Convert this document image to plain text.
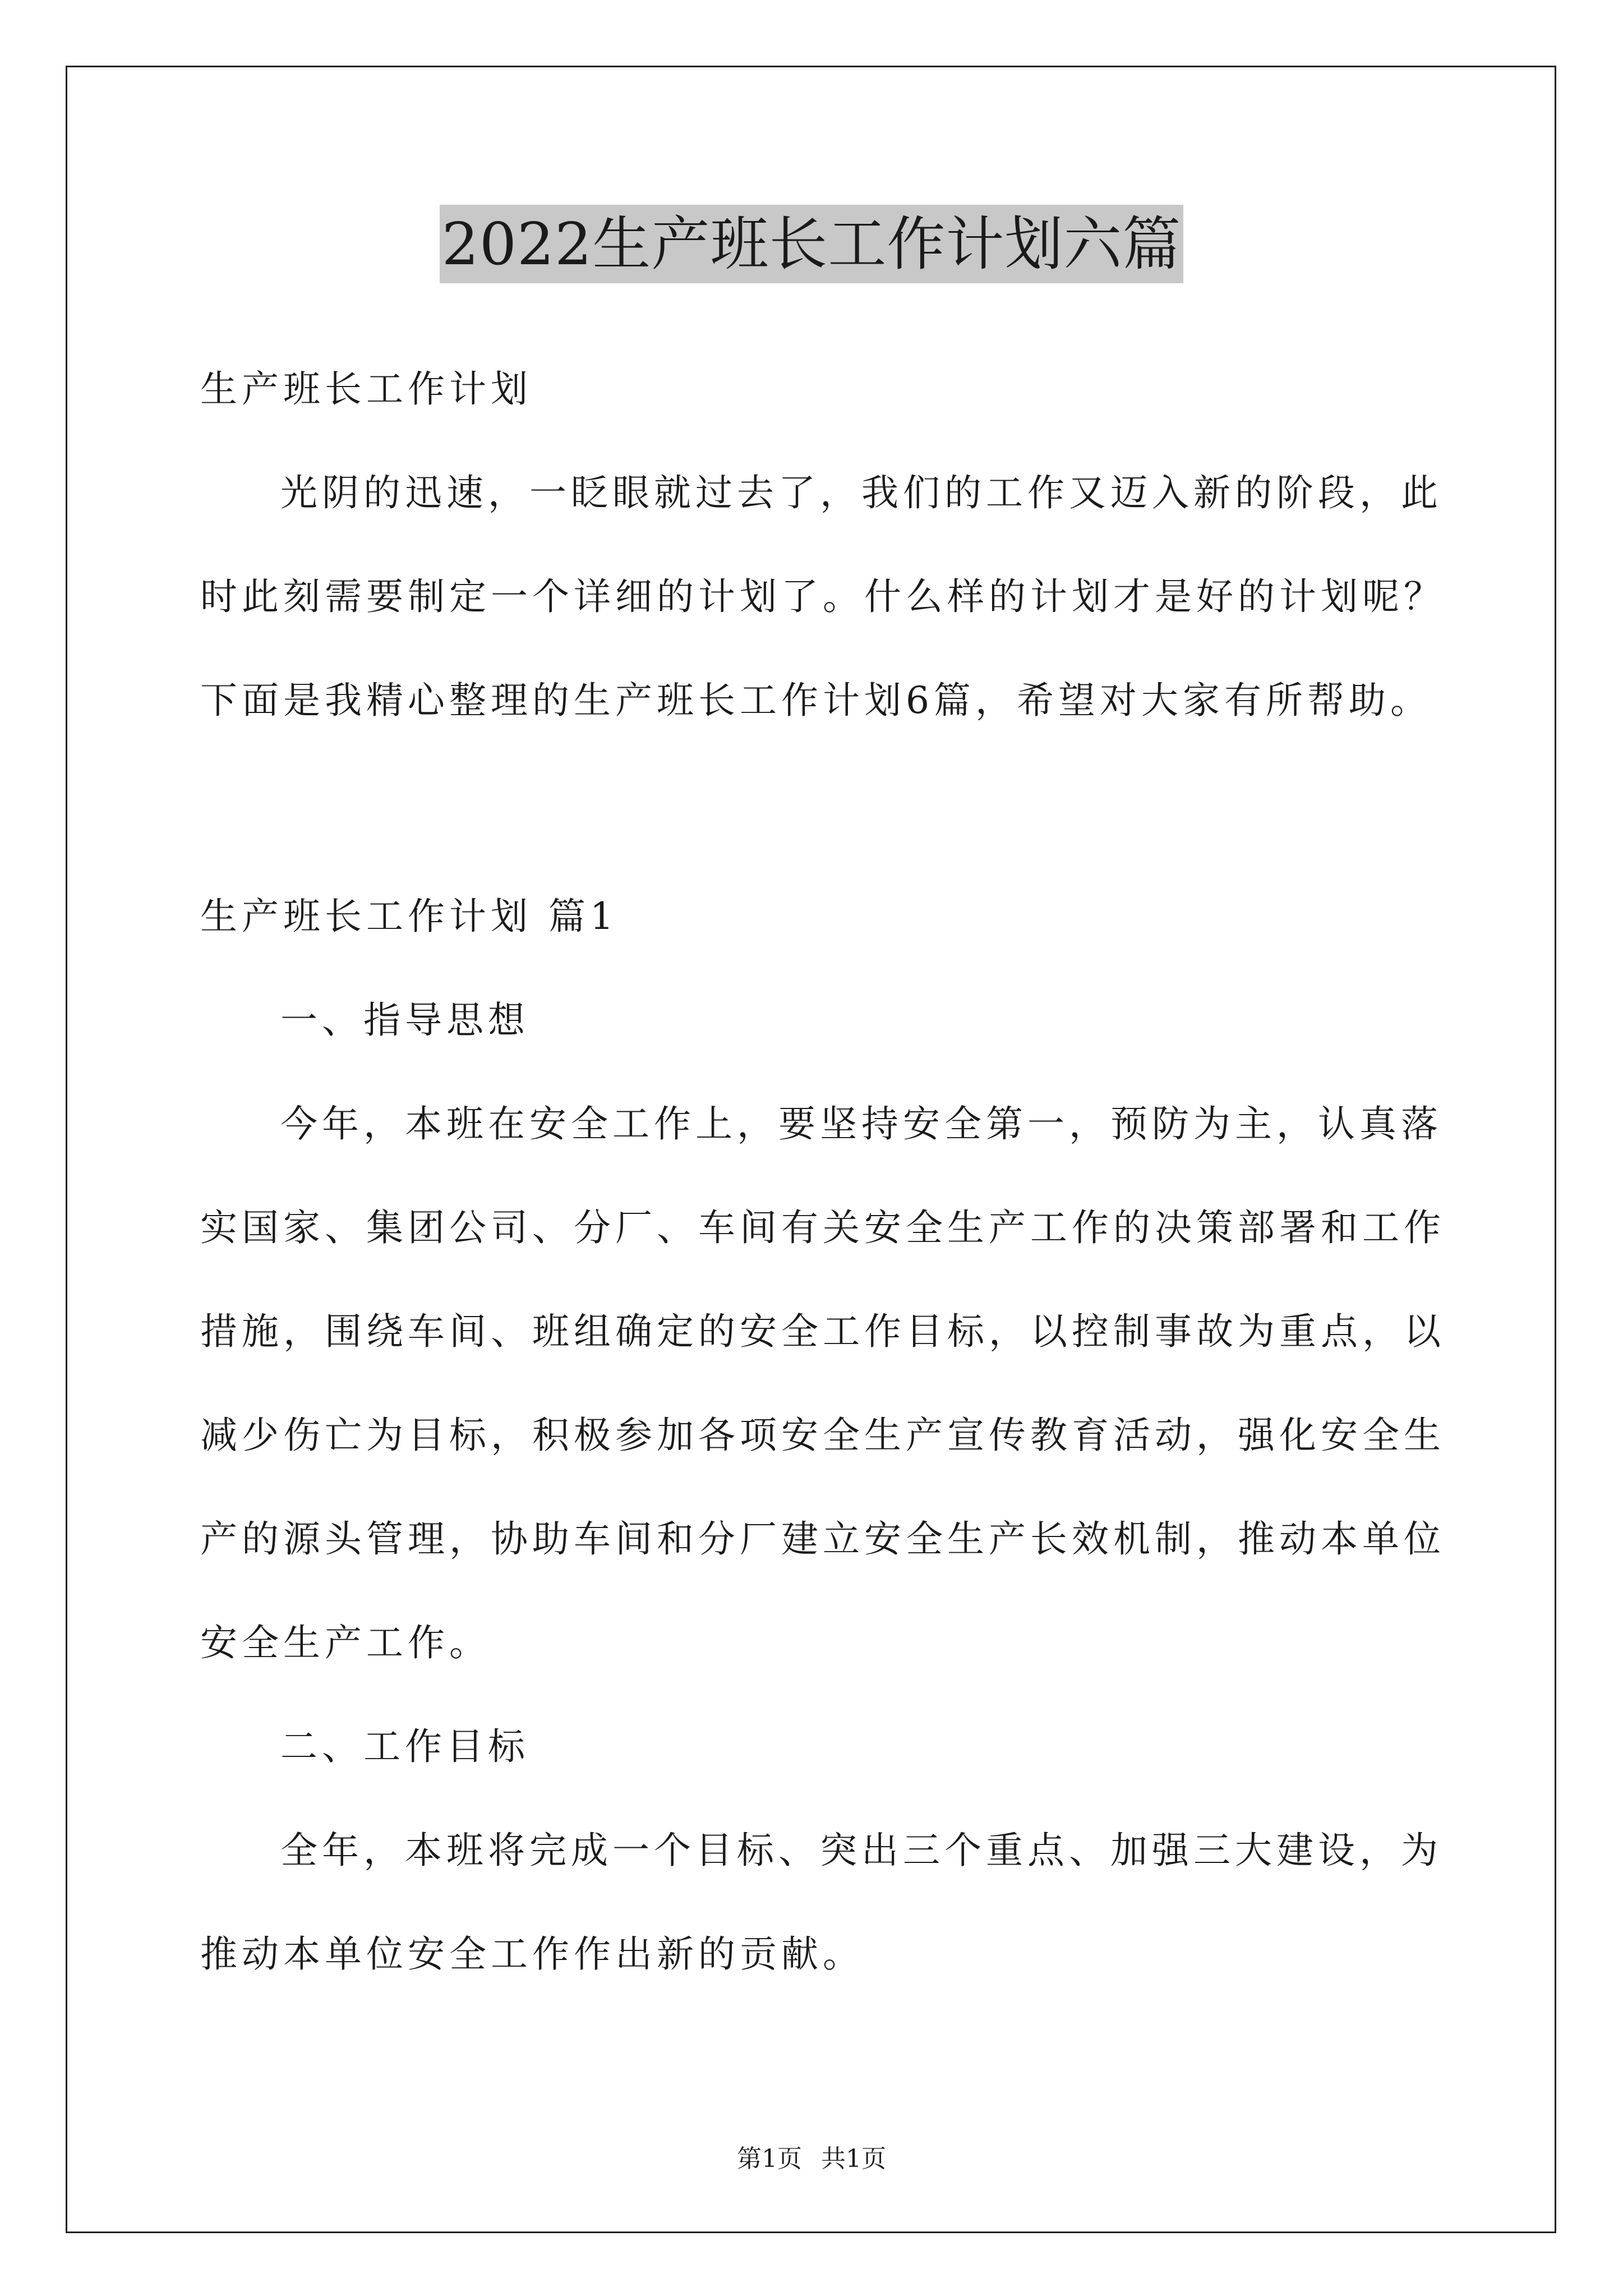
2022生产班长工作计划六篇
生产班长工作计划
光阴的迅速，一眨眼就过去了，我们的工作又迈入新的阶段，此
时此刻需要制定一个详细的计划了。什么样的计划才是好的计划呢？
下面是我精心整理的生产班长工作计划6篇，希望对大家有所帮助。
生产班长工作计划 篇1
一、指导思想
今年，本班在安全工作上，要坚持安全第一，预防为主，认真落
实国家、集团公司、分厂、车间有关安全生产工作的决策部署和工作
措施，围绕车间、班组确定的安全工作目标，以控制事故为重点，以
减少伤亡为目标，积极参加各项安全生产宣传教育活动，强化安全生
产的源头管理，协助车间和分厂建立安全生产长效机制，推动本单位
安全生产工作。
二、工作目标
全年，本班将完成一个目标、突出三个重点、加强三大建设，为
推动本单位安全工作作出新的贡献。
第1页 共1页
